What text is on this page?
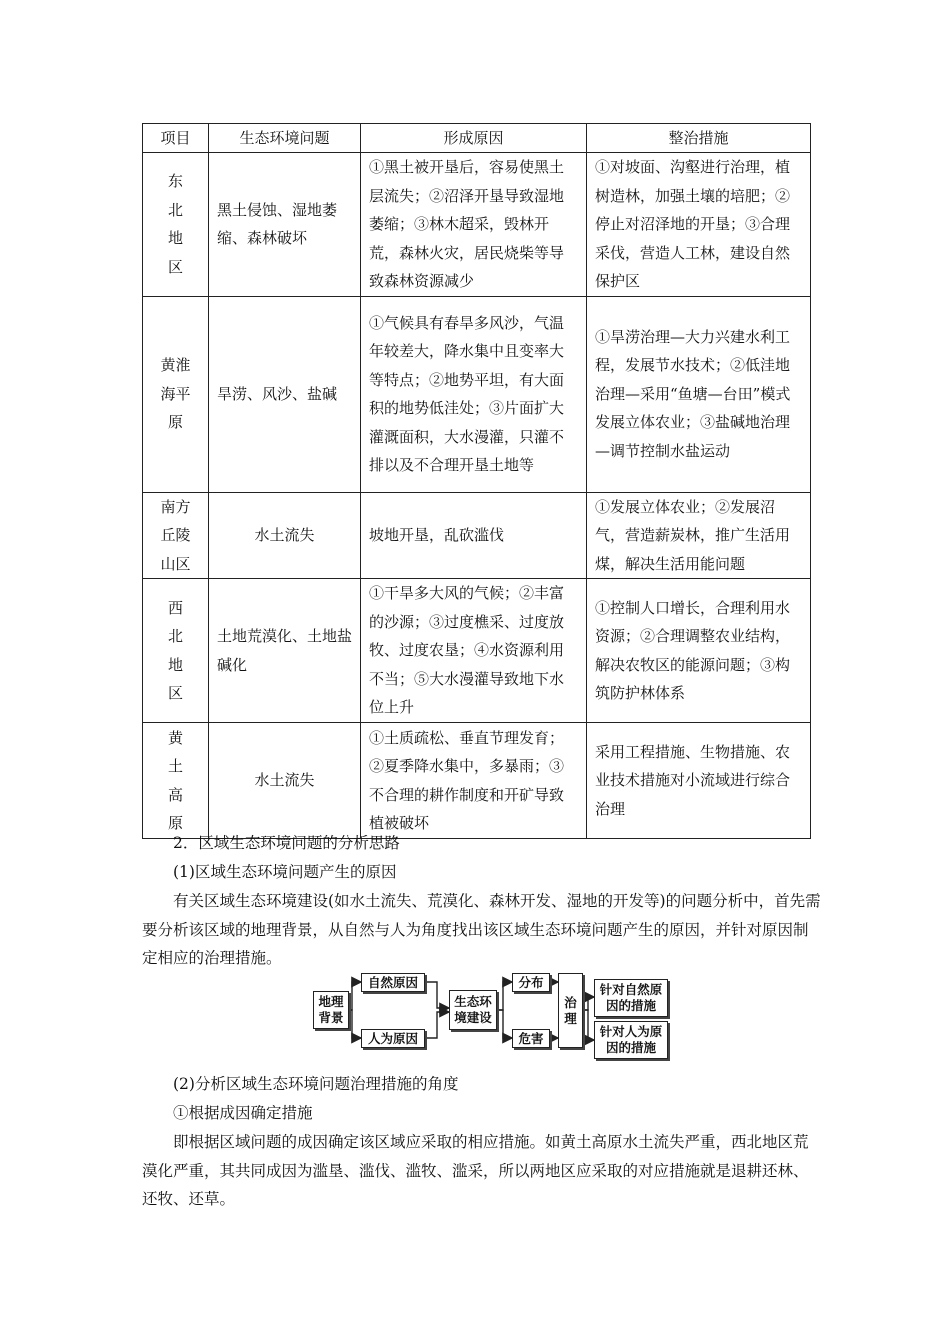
项目	生态环境问题	形成原因	整治措施

东
北
地
区	黑土侵蚀、湿地萎缩、森林破坏	①黑土被开垦后，容易使黑土层流失；②沼泽开垦导致湿地萎缩；③林木超采，毁林开荒，森林火灾，居民烧柴等导致森林资源减少	①对坡面、沟壑进行治理，植树造林，加强土壤的培肥；②停止对沼泽地的开垦；③合理采伐，营造人工林，建设自然保护区

黄淮
海平
原	旱涝、风沙、盐碱	①气候具有春旱多风沙，气温年较差大，降水集中且变率大等特点；②地势平坦，有大面积的地势低洼处；③片面扩大灌溉面积，大水漫灌，只灌不排以及不合理开垦土地等	①旱涝治理—大力兴建水利工程，发展节水技术；②低洼地治理—采用“鱼塘—台田”模式发展立体农业；③盐碱地治理—调节控制水盐运动

南方
丘陵
山区	水土流失	坡地开垦，乱砍滥伐	①发展立体农业；②发展沼气，营造薪炭林，推广生活用煤，解决生活用能问题

西
北
地
区	土地荒漠化、土地盐碱化	①干旱多大风的气候；②丰富的沙源；③过度樵采、过度放牧、过度农垦；④水资源利用不当；⑤大水漫灌导致地下水位上升	①控制人口增长，合理利用水资源；②合理调整农业结构，解决农牧区的能源问题；③构筑防护林体系

黄
土
高
原	水土流失	①土质疏松、垂直节理发育；②夏季降水集中，多暴雨；③不合理的耕作制度和开矿导致植被破坏	采用工程措施、生物措施、农业技术措施对小流域进行综合治理
2．区域生态环境问题的分析思路
(1)区域生态环境问题产生的原因
有关区域生态环境建设(如水土流失、荒漠化、森林开发、湿地的开发等)的问题分析中，首先需要分析该区域的地理背景，从自然与人为角度找出该区域生态环境问题产生的原因，并针对原因制定相应的治理措施。
地理背景
自然原因
人为原因
生态环境建设
分布
危害
治理
针对自然原因的措施
针对人为原因的措施
(2)分析区域生态环境问题治理措施的角度
①根据成因确定措施
即根据区域问题的成因确定该区域应采取的相应措施。如黄土高原水土流失严重，西北地区荒漠化严重，其共同成因为滥垦、滥伐、滥牧、滥采，所以两地区应采取的对应措施就是退耕还林、还牧、还草。
